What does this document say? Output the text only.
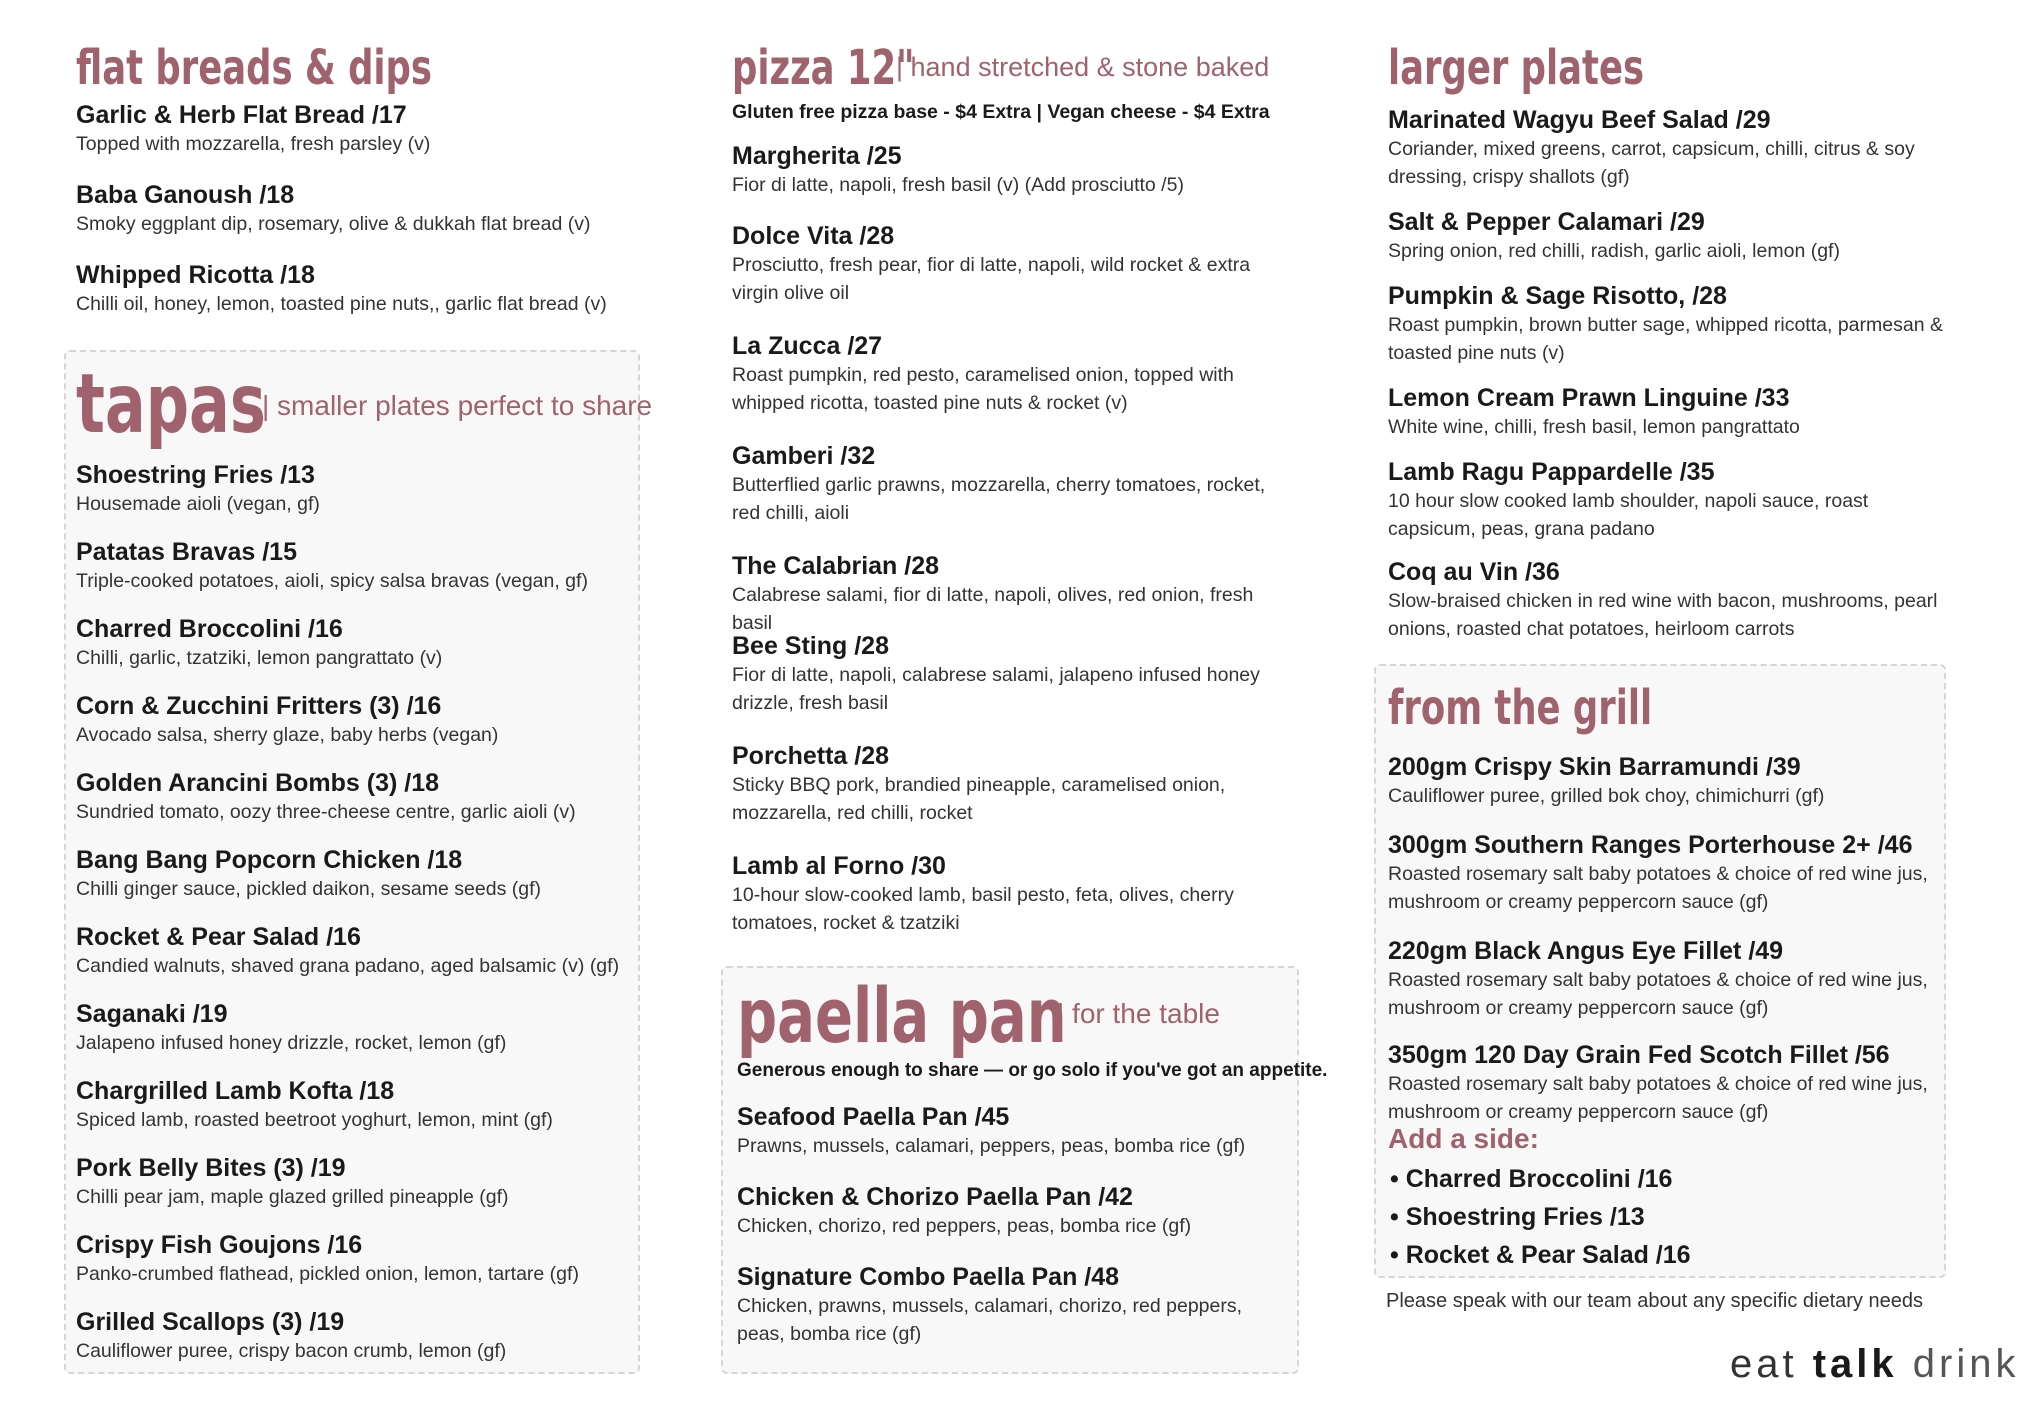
flat breads & dips
Garlic & Herb Flat Bread /17
Topped with mozzarella, fresh parsley (v)
Baba Ganoush /18
Smoky eggplant dip, rosemary, olive & dukkah flat bread (v)
Whipped Ricotta /18
Chilli oil, honey, lemon, toasted pine nuts,, garlic flat bread (v)
tapas
| smaller plates perfect to share
Shoestring Fries /13
Housemade aioli (vegan, gf)
Patatas Bravas /15
Triple-cooked potatoes, aioli, spicy salsa bravas (vegan, gf)
Charred Broccolini /16
Chilli, garlic, tzatziki, lemon pangrattato (v)
Corn & Zucchini Fritters (3) /16
Avocado salsa, sherry glaze, baby herbs (vegan)
Golden Arancini Bombs (3) /18
Sundried tomato, oozy three-cheese centre, garlic aioli (v)
Bang Bang Popcorn Chicken /18
Chilli ginger sauce, pickled daikon, sesame seeds (gf)
Rocket & Pear Salad /16
Candied walnuts, shaved grana padano, aged balsamic (v) (gf)
Saganaki /19
Jalapeno infused honey drizzle, rocket, lemon (gf)
Chargrilled Lamb Kofta /18
Spiced lamb, roasted beetroot yoghurt, lemon, mint (gf)
Pork Belly Bites (3) /19
Chilli pear jam, maple glazed grilled pineapple (gf)
Crispy Fish Goujons /16
Panko-crumbed flathead, pickled onion, lemon, tartare (gf)
Grilled Scallops (3) /19
Cauliflower puree, crispy bacon crumb, lemon (gf)
pizza 12"
| hand stretched & stone baked
Gluten free pizza base - $4 Extra | Vegan cheese - $4 Extra
Margherita /25
Fior di latte, napoli, fresh basil (v) (Add prosciutto /5)
Dolce Vita /28
Prosciutto, fresh pear, fior di latte, napoli, wild rocket & extra virgin olive oil
La Zucca /27
Roast pumpkin, red pesto, caramelised onion, topped with whipped ricotta, toasted pine nuts & rocket (v)
Gamberi /32
Butterflied garlic prawns, mozzarella, cherry tomatoes, rocket, red chilli, aioli
The Calabrian /28
Calabrese salami, fior di latte, napoli, olives, red onion, fresh basil
Bee Sting /28
Fior di latte, napoli, calabrese salami, jalapeno infused honey drizzle, fresh basil
Porchetta /28
Sticky BBQ pork, brandied pineapple, caramelised onion, mozzarella, red chilli, rocket
Lamb al Forno /30
10-hour slow-cooked lamb, basil pesto, feta, olives, cherry tomatoes, rocket & tzatziki
paella pan
| for the table
Generous enough to share — or go solo if you've got an appetite.
Seafood Paella Pan /45
Prawns, mussels, calamari, peppers, peas, bomba rice (gf)
Chicken & Chorizo Paella Pan /42
Chicken, chorizo, red peppers, peas, bomba rice (gf)
Signature Combo Paella Pan /48
Chicken, prawns, mussels, calamari, chorizo, red peppers, peas, bomba rice (gf)
larger plates
Marinated Wagyu Beef Salad /29
Coriander, mixed greens, carrot, capsicum, chilli, citrus & soy dressing, crispy shallots (gf)
Salt & Pepper Calamari /29
Spring onion, red chilli, radish, garlic aioli, lemon (gf)
Pumpkin & Sage Risotto, /28
Roast pumpkin, brown butter sage, whipped ricotta, parmesan & toasted pine nuts (v)
Lemon Cream Prawn Linguine /33
White wine, chilli, fresh basil, lemon pangrattato
Lamb Ragu Pappardelle /35
10 hour slow cooked lamb shoulder, napoli sauce, roast capsicum, peas, grana padano
Coq au Vin /36
Slow-braised chicken in red wine with bacon, mushrooms, pearl onions, roasted chat potatoes, heirloom carrots
from the grill
200gm Crispy Skin Barramundi /39
Cauliflower puree, grilled bok choy, chimichurri (gf)
300gm Southern Ranges Porterhouse 2+ /46
Roasted rosemary salt baby potatoes & choice of red wine jus, mushroom or creamy peppercorn sauce (gf)
220gm Black Angus Eye Fillet /49
Roasted rosemary salt baby potatoes & choice of red wine jus, mushroom or creamy peppercorn sauce (gf)
350gm 120 Day Grain Fed Scotch Fillet /56
Roasted rosemary salt baby potatoes & choice of red wine jus, mushroom or creamy peppercorn sauce (gf)
Add a side:
• Charred Broccolini /16
• Shoestring Fries /13
• Rocket & Pear Salad /16
Please speak with our team about any specific dietary needs
eat talk drink
